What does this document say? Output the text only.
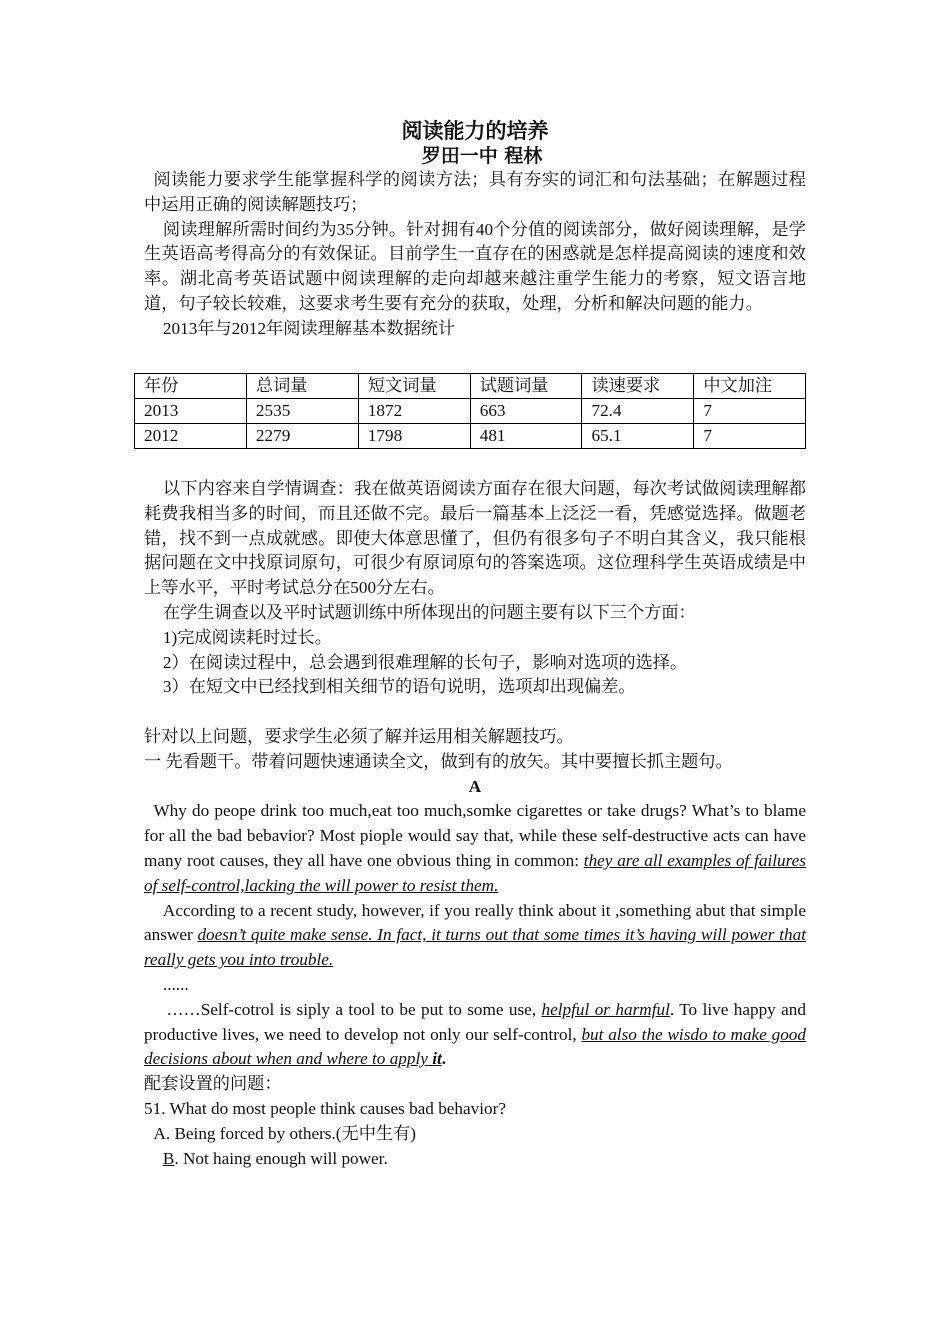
阅读能力的培养
罗田一中 程林

阅读能力要求学生能掌握科学的阅读方法；具有夯实的词汇和句法基础；在解题过程中运用正确的阅读解题技巧；

阅读理解所需时间约为35分钟。针对拥有40个分值的阅读部分，做好阅读理解，是学生英语高考得高分的有效保证。目前学生一直存在的困惑就是怎样提高阅读的速度和效率。湖北高考英语试题中阅读理解的走向却越来越注重学生能力的考察，短文语言地道，句子较长较难，这要求考生要有充分的获取，处理，分析和解决问题的能力。

2013年与2012年阅读理解基本数据统计

年份	总词量	短文词量	试题词量	读速要求	中文加注
2013	2535	1872	663	72.4	7
2012	2279	1798	481	65.1	7

以下内容来自学情调查：我在做英语阅读方面存在很大问题，每次考试做阅读理解都耗费我相当多的时间，而且还做不完。最后一篇基本上泛泛一看，凭感觉选择。做题老错，找不到一点成就感。即使大体意思懂了，但仍有很多句子不明白其含义，我只能根据问题在文中找原词原句，可很少有原词原句的答案选项。这位理科学生英语成绩是中上等水平，平时考试总分在500分左右。

在学生调查以及平时试题训练中所体现出的问题主要有以下三个方面：

1)完成阅读耗时过长。

2）在阅读过程中，总会遇到很难理解的长句子，影响对选项的选择。

3）在短文中已经找到相关细节的语句说明，选项却出现偏差。

针对以上问题，要求学生必须了解并运用相关解题技巧。

一 先看题干。带着问题快速通读全文，做到有的放矢。其中要擅长抓主题句。

A

Why do peope drink too much,eat too much,somke cigarettes or take drugs? What’s to blame for all the bad bebavior? Most piople would say that, while these self-destructive acts can have many root causes, they all have one obvious thing in common: they are all examples of failures of self-control,lacking the will power to resist them.

According to a recent study, however, if you really think about it ,something abut that simple answer doesn’t quite make sense. In fact, it turns out that some times it’s having will power that really gets you into trouble.

......

……Self-cotrol is siply a tool to be put to some use, helpful or harmful. To live happy and productive lives, we need to develop not only our self-control, but also the wisdo to make good decisions about when and where to apply it.

配套设置的问题：

51. What do most people think causes bad behavior?

A. Being forced by others.(无中生有)

B. Not haing enough will power.
